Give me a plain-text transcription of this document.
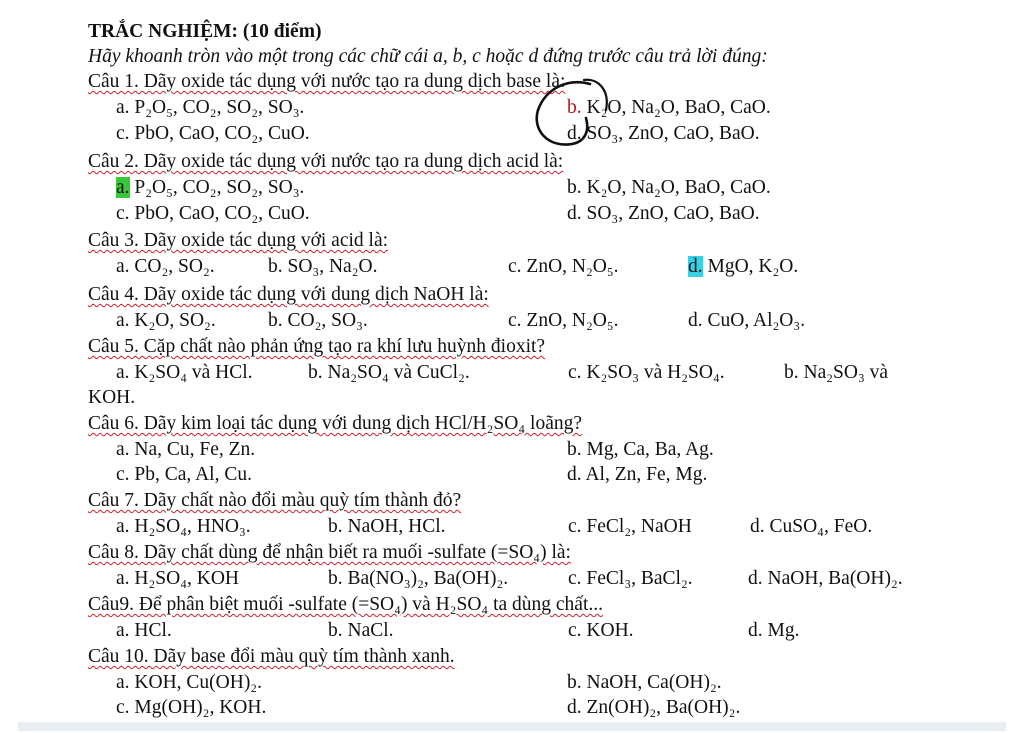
TRẮC NGHIỆM: (10 điểm)
Hãy khoanh tròn vào một trong các chữ cái a, b, c hoặc d đứng trước câu trả lời đúng:
Câu 1. Dãy oxide tác dụng với nước tạo ra dung dịch base là:
a. P₂O₅, CO₂, SO₂, SO₃.	b. K₂O, Na₂O, BaO, CaO.
c. PbO, CaO, CO₂, CuO.	d. SO₃, ZnO, CaO, BaO.
Câu 2. Dãy oxide tác dụng với nước tạo ra dung dịch acid là:
a. P₂O₅, CO₂, SO₂, SO₃.	b. K₂O, Na₂O, BaO, CaO.
c. PbO, CaO, CO₂, CuO.	d. SO₃, ZnO, CaO, BaO.
Câu 3. Dãy oxide tác dụng với acid là:
a. CO₂, SO₂.	b. SO₃, Na₂O.	c. ZnO, N₂O₅.	d. MgO, K₂O.
Câu 4. Dãy oxide tác dụng với dung dịch NaOH là:
a. K₂O, SO₂.	b. CO₂, SO₃.	c. ZnO, N₂O₅.	d. CuO, Al₂O₃.
Câu 5. Cặp chất nào phản ứng tạo ra khí lưu huỳnh đioxit?
a. K₂SO₄ và HCl.	b. Na₂SO₄ và CuCl₂.	c. K₂SO₃ và H₂SO₄.	b. Na₂SO₃ và
KOH.
Câu 6. Dãy kim loại tác dụng với dung dịch HCl/H₂SO₄ loãng?
a. Na, Cu, Fe, Zn.	b. Mg, Ca, Ba, Ag.
c. Pb, Ca, Al, Cu.	d. Al, Zn, Fe, Mg.
Câu 7. Dãy chất nào đổi màu quỳ tím thành đỏ?
a. H₂SO₄, HNO₃.	b. NaOH, HCl.	c. FeCl₂, NaOH	d. CuSO₄, FeO.
Câu 8. Dãy chất dùng để nhận biết ra muối -sulfate (=SO₄) là:
a. H₂SO₄, KOH	b. Ba(NO₃)₂, Ba(OH)₂.	c. FeCl₃, BaCl₂.	d. NaOH, Ba(OH)₂.
Câu9. Để phân biệt muối -sulfate (=SO₄) và H₂SO₄ ta dùng chất...
a. HCl.	b. NaCl.	c. KOH.	d. Mg.
Câu 10. Dãy base đổi màu quỳ tím thành xanh.
a. KOH, Cu(OH)₂.	b. NaOH, Ca(OH)₂.
c. Mg(OH)₂, KOH.	d. Zn(OH)₂, Ba(OH)₂.
